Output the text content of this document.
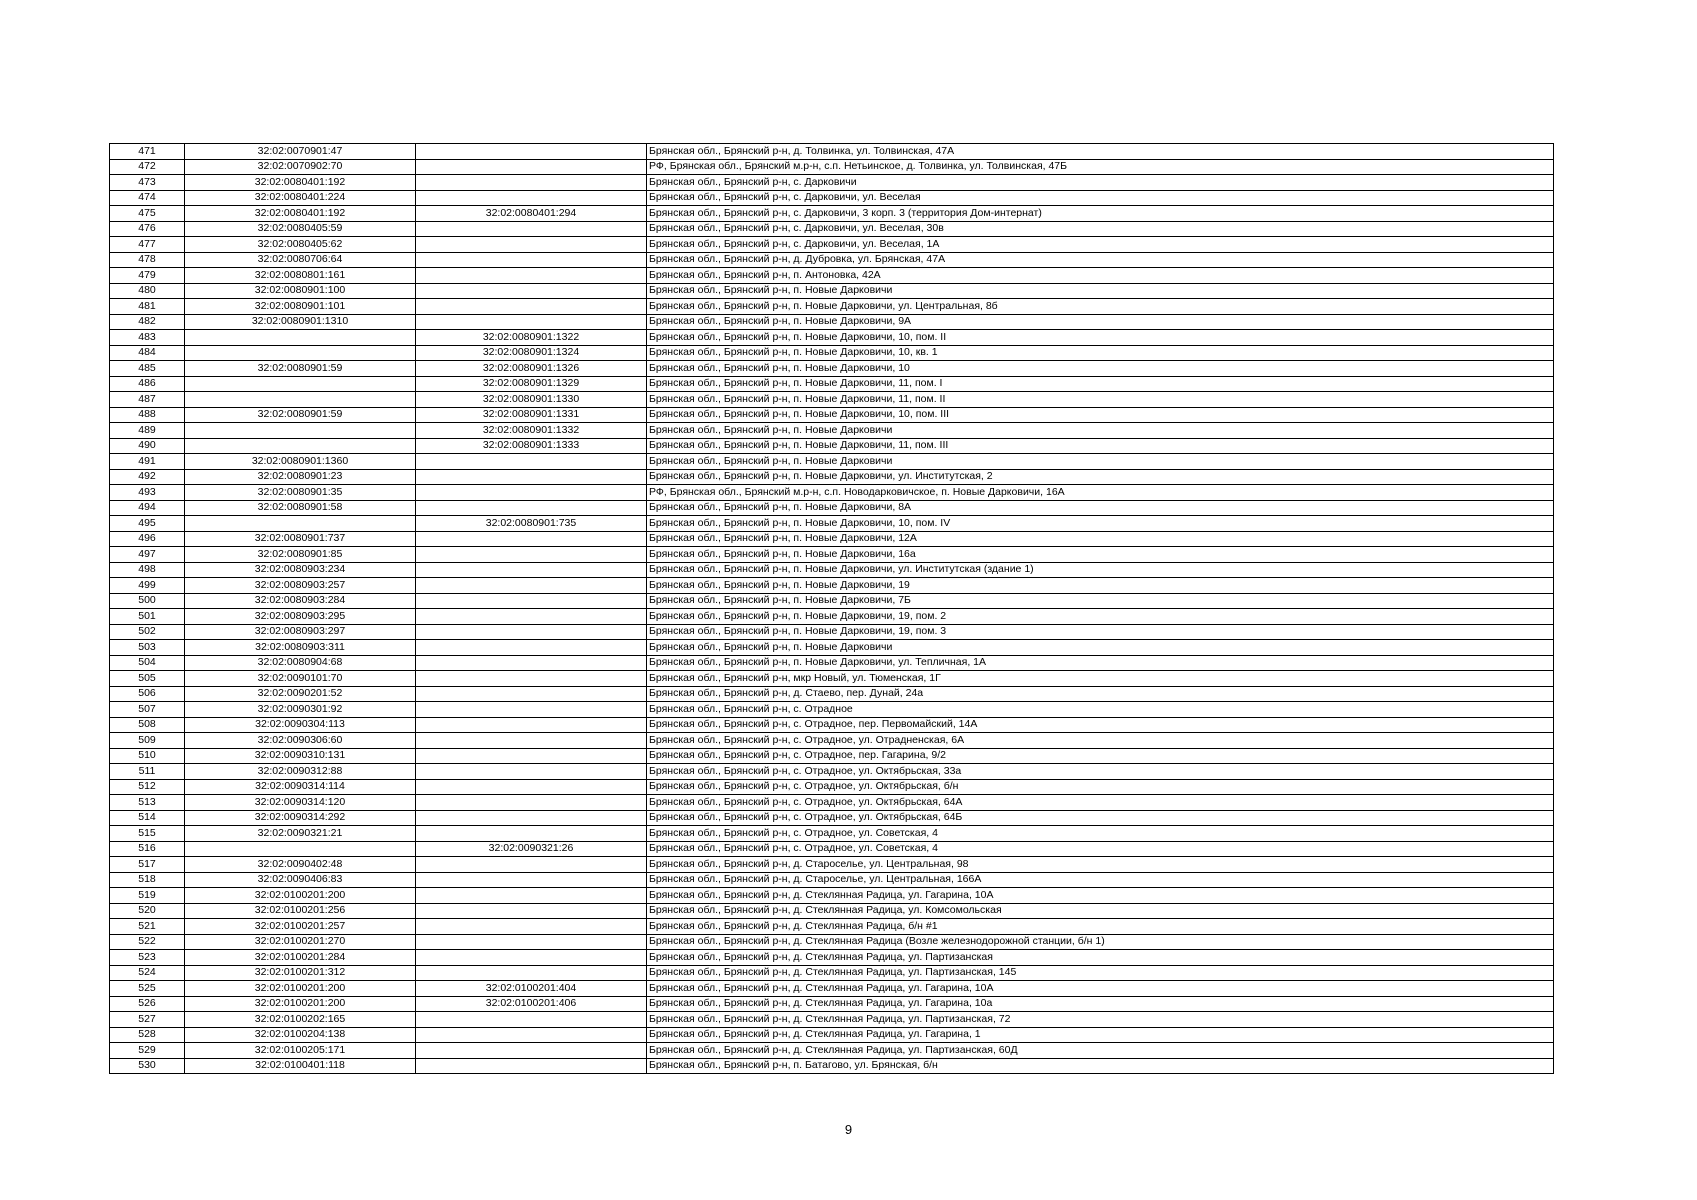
471	32:02:0070901:47		Брянская обл., Брянский р-н, д. Толвинка, ул. Толвинская, 47А
472	32:02:0070902:70		РФ, Брянская обл., Брянский м.р-н, с.п. Нетьинское, д. Толвинка, ул. Толвинская, 47Б
473	32:02:0080401:192		Брянская обл., Брянский р-н, с. Дарковичи
474	32:02:0080401:224		Брянская обл., Брянский р-н, с. Дарковичи, ул. Веселая
475	32:02:0080401:192	32:02:0080401:294	Брянская обл., Брянский р-н, с. Дарковичи, 3 корп. 3 (территория Дом-интернат)
476	32:02:0080405:59		Брянская обл., Брянский р-н, с. Дарковичи, ул. Веселая, 30в
477	32:02:0080405:62		Брянская обл., Брянский р-н, с. Дарковичи, ул. Веселая, 1А
478	32:02:0080706:64		Брянская обл., Брянский р-н, д. Дубровка, ул. Брянская, 47А
479	32:02:0080801:161		Брянская обл., Брянский р-н, п. Антоновка, 42А
480	32:02:0080901:100		Брянская обл., Брянский р-н, п. Новые Дарковичи
481	32:02:0080901:101		Брянская обл., Брянский р-н, п. Новые Дарковичи, ул. Центральная, 8б
482	32:02:0080901:1310		Брянская обл., Брянский р-н, п. Новые Дарковичи, 9А
483		32:02:0080901:1322	Брянская обл., Брянский р-н, п. Новые Дарковичи, 10, пом. II
484		32:02:0080901:1324	Брянская обл., Брянский р-н, п. Новые Дарковичи, 10, кв. 1
485	32:02:0080901:59	32:02:0080901:1326	Брянская обл., Брянский р-н, п. Новые Дарковичи, 10
486		32:02:0080901:1329	Брянская обл., Брянский р-н, п. Новые Дарковичи, 11, пом. I
487		32:02:0080901:1330	Брянская обл., Брянский р-н, п. Новые Дарковичи, 11, пом. II
488	32:02:0080901:59	32:02:0080901:1331	Брянская обл., Брянский р-н, п. Новые Дарковичи, 10, пом. III
489		32:02:0080901:1332	Брянская обл., Брянский р-н, п. Новые Дарковичи
490		32:02:0080901:1333	Брянская обл., Брянский р-н, п. Новые Дарковичи, 11, пом. III
491	32:02:0080901:1360		Брянская обл., Брянский р-н, п. Новые Дарковичи
492	32:02:0080901:23		Брянская обл., Брянский р-н, п. Новые Дарковичи, ул. Институтская, 2
493	32:02:0080901:35		РФ, Брянская обл., Брянский м.р-н, с.п. Новодарковичское, п. Новые Дарковичи, 16А
494	32:02:0080901:58		Брянская обл., Брянский р-н, п. Новые Дарковичи, 8А
495		32:02:0080901:735	Брянская обл., Брянский р-н, п. Новые Дарковичи, 10, пом. IV
496	32:02:0080901:737		Брянская обл., Брянский р-н, п. Новые Дарковичи, 12А
497	32:02:0080901:85		Брянская обл., Брянский р-н, п. Новые Дарковичи, 16а
498	32:02:0080903:234		Брянская обл., Брянский р-н, п. Новые Дарковичи, ул. Институтская (здание 1)
499	32:02:0080903:257		Брянская обл., Брянский р-н, п. Новые Дарковичи, 19
500	32:02:0080903:284		Брянская обл., Брянский р-н, п. Новые Дарковичи, 7Б
501	32:02:0080903:295		Брянская обл., Брянский р-н, п. Новые Дарковичи, 19, пом. 2
502	32:02:0080903:297		Брянская обл., Брянский р-н, п. Новые Дарковичи, 19, пом. 3
503	32:02:0080903:311		Брянская обл., Брянский р-н, п. Новые Дарковичи
504	32:02:0080904:68		Брянская обл., Брянский р-н, п. Новые Дарковичи, ул. Тепличная, 1А
505	32:02:0090101:70		Брянская обл., Брянский р-н, мкр Новый, ул. Тюменская, 1Г
506	32:02:0090201:52		Брянская обл., Брянский р-н, д. Стаево, пер. Дунай, 24а
507	32:02:0090301:92		Брянская обл., Брянский р-н, с. Отрадное
508	32:02:0090304:113		Брянская обл., Брянский р-н, с. Отрадное, пер. Первомайский, 14А
509	32:02:0090306:60		Брянская обл., Брянский р-н, с. Отрадное, ул. Отрадненская, 6А
510	32:02:0090310:131		Брянская обл., Брянский р-н, с. Отрадное, пер. Гагарина, 9/2
511	32:02:0090312:88		Брянская обл., Брянский р-н, с. Отрадное, ул. Октябрьская, 33а
512	32:02:0090314:114		Брянская обл., Брянский р-н, с. Отрадное, ул. Октябрьская, б/н
513	32:02:0090314:120		Брянская обл., Брянский р-н, с. Отрадное, ул. Октябрьская, 64А
514	32:02:0090314:292		Брянская обл., Брянский р-н, с. Отрадное, ул. Октябрьская, 64Б
515	32:02:0090321:21		Брянская обл., Брянский р-н, с. Отрадное, ул. Советская, 4
516		32:02:0090321:26	Брянская обл., Брянский р-н, с. Отрадное, ул. Советская, 4
517	32:02:0090402:48		Брянская обл., Брянский р-н, д. Староселье, ул. Центральная, 98
518	32:02:0090406:83		Брянская обл., Брянский р-н, д. Староселье, ул. Центральная, 166А
519	32:02:0100201:200		Брянская обл., Брянский р-н, д. Стеклянная Радица, ул. Гагарина, 10А
520	32:02:0100201:256		Брянская обл., Брянский р-н, д. Стеклянная Радица, ул. Комсомольская
521	32:02:0100201:257		Брянская обл., Брянский р-н, д. Стеклянная Радица, б/н #1
522	32:02:0100201:270		Брянская обл., Брянский р-н, д. Стеклянная Радица (Возле железнодорожной станции, б/н 1)
523	32:02:0100201:284		Брянская обл., Брянский р-н, д. Стеклянная Радица, ул. Партизанская
524	32:02:0100201:312		Брянская обл., Брянский р-н, д. Стеклянная Радица, ул. Партизанская, 145
525	32:02:0100201:200	32:02:0100201:404	Брянская обл., Брянский р-н, д. Стеклянная Радица, ул. Гагарина, 10А
526	32:02:0100201:200	32:02:0100201:406	Брянская обл., Брянский р-н, д. Стеклянная Радица, ул. Гагарина, 10а
527	32:02:0100202:165		Брянская обл., Брянский р-н, д. Стеклянная Радица, ул. Партизанская, 72
528	32:02:0100204:138		Брянская обл., Брянский р-н, д. Стеклянная Радица, ул. Гагарина, 1
529	32:02:0100205:171		Брянская обл., Брянский р-н, д. Стеклянная Радица, ул. Партизанская, 60Д
530	32:02:0100401:118		Брянская обл., Брянский р-н, п. Батагово, ул. Брянская, б/н
9
